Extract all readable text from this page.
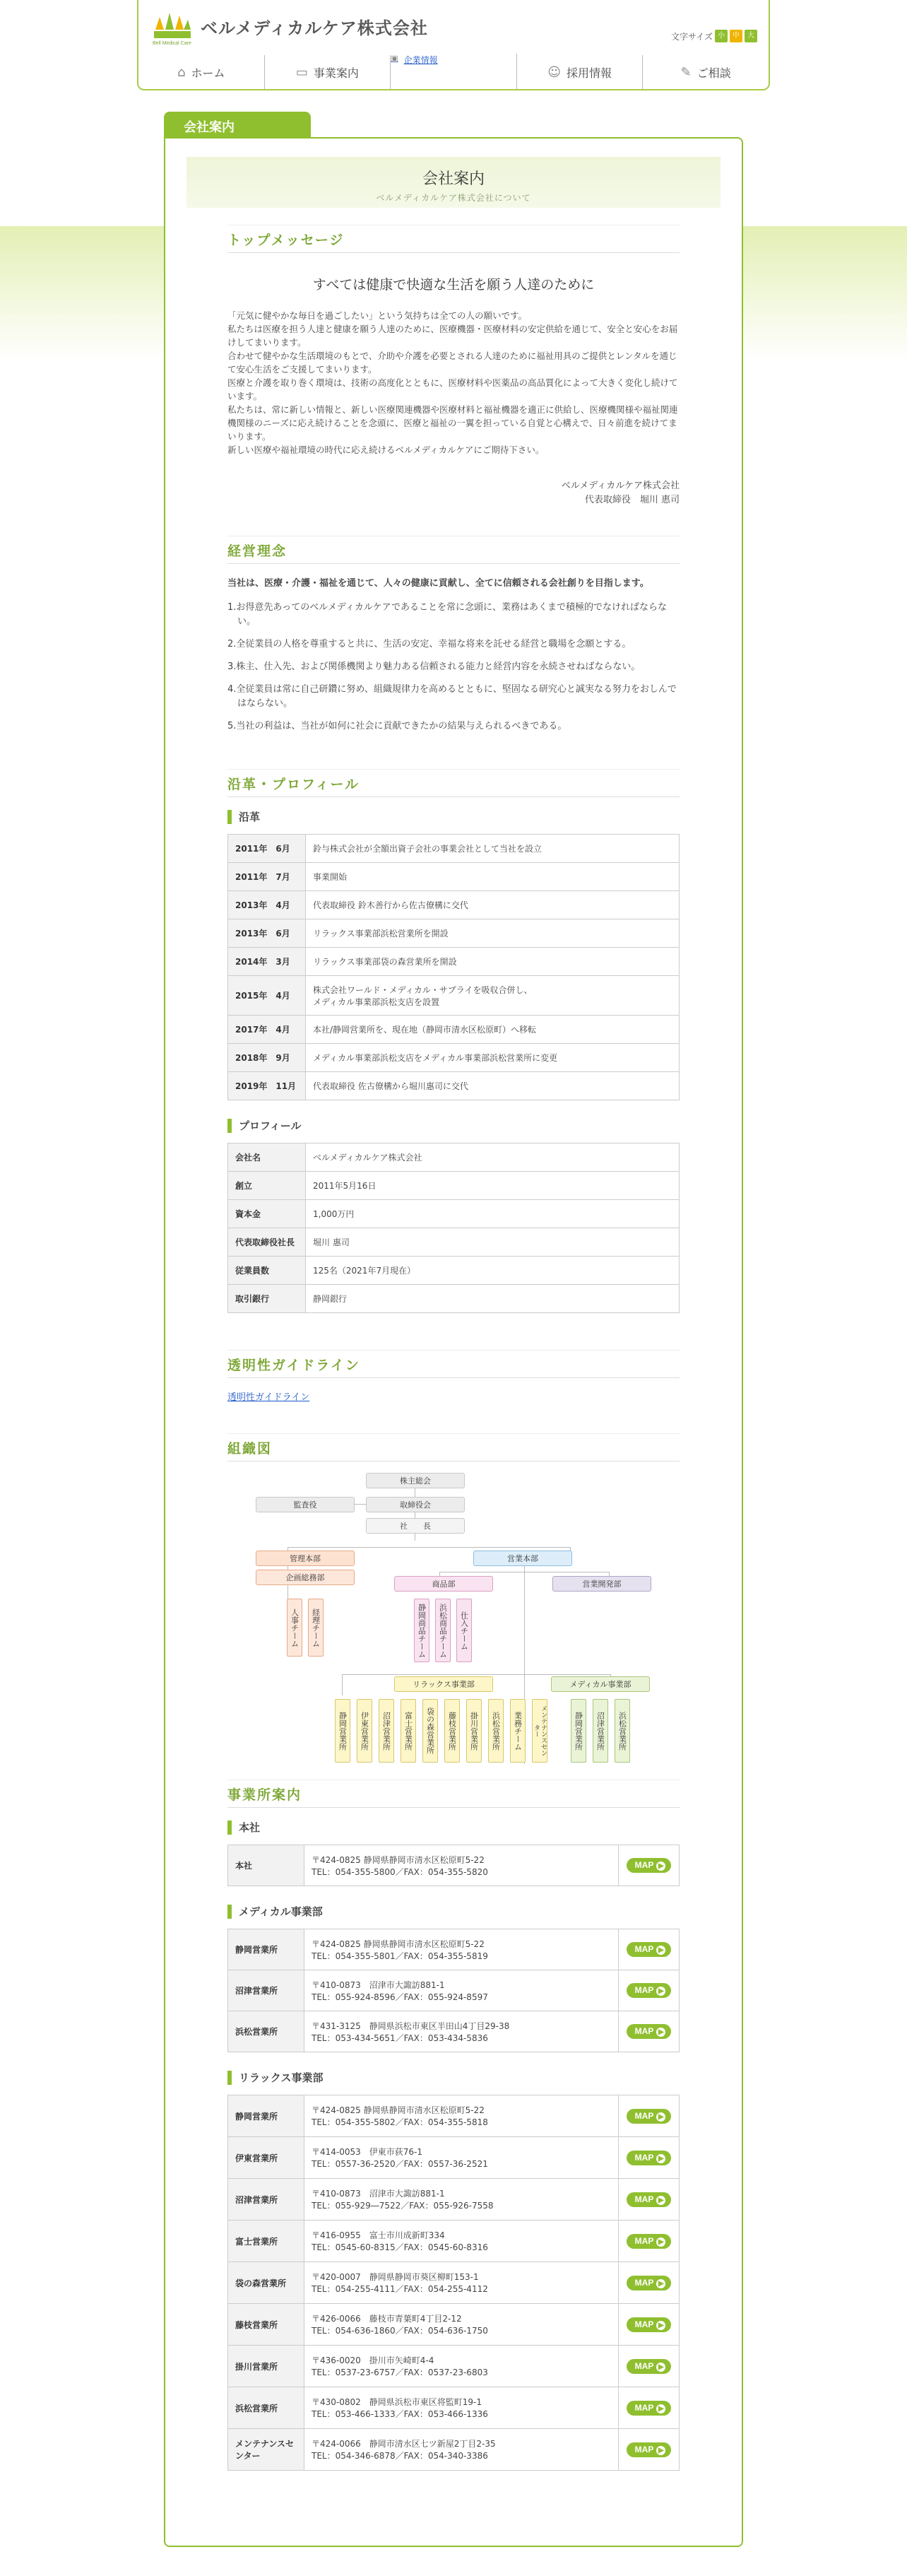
Bell Medical Care
ベルメディカルケア株式会社	文字サイズ 小	中	大
⌂ ホーム	▭ 事業案内
▣ 企業情報
☺ 採用情報	✎ ご相談
会社案内
会社案内
ベルメディカルケア株式会社について
トップメッセージ
すべては健康で快適な生活を願う人達のために
「元気に健やかな毎日を過ごしたい」という気持ちは全ての人の願いです。
私たちは医療を担う人達と健康を願う人達のために、医療機器・医療材料の安定供給を通じて、安全と安心をお届けしてまいります。
合わせて健やかな生活環境のもとで、介助や介護を必要とされる人達のために福祉用具のご提供とレンタルを通じて安心生活をご支援してまいります。
医療と介護を取り巻く環境は、技術の高度化とともに、医療材料や医薬品の高品質化によって大きく変化し続けています。
私たちは、常に新しい情報と、新しい医療関連機器や医療材料と福祉機器を適正に供給し、医療機関様や福祉関連機関様のニーズに応え続けることを念頭に、医療と福祉の一翼を担っている自覚と心構えで、日々前進を続けてまいります。
新しい医療や福祉環境の時代に応え続けるベルメディカルケアにご期待下さい。
ベルメディカルケア株式会社
代表取締役　堀川 惠司
経営理念
当社は、医療・介護・福祉を通じて、人々の健康に貢献し、全てに信頼される会社創りを目指します。
1.お得意先あってのベルメディカルケアであることを常に念頭に、業務はあくまで積極的でなければならない。
2.全従業員の人格を尊重すると共に、生活の安定、幸福な将来を託せる経営と職場を念願とする。
3.株主、仕入先、および関係機関より魅力ある信頼される能力と経営内容を永続させねばならない。
4.全従業員は常に自己研鑽に努め、組織規律力を高めるとともに、堅固なる研究心と誠実なる努力をおしんではならない。
5.当社の利益は、当社が如何に社会に貢献できたかの結果与えられるべきである。
沿革・プロフィール
沿革
2011年　6月	鈴与株式会社が全額出資子会社の事業会社として当社を設立
2011年　7月	事業開始
2013年　4月	代表取締役 鈴木善行から佐古僚構に交代
2013年　6月	リラックス事業部浜松営業所を開設
2014年　3月	リラックス事業部袋の森営業所を開設
2015年　4月	株式会社ワールド・メディカル・サプライを吸収合併し、
メディカル事業部浜松支店を設置

2017年　4月	本社/静岡営業所を、現在地（静岡市清水区松原町）へ移転
2018年　9月	メディカル事業部浜松支店をメディカル事業部浜松営業所に変更
2019年　11月	代表取締役 佐古僚構から堀川惠司に交代
プロフィール
会社名	ベルメディカルケア株式会社
創立	2011年5月16日
資本金	1,000万円
代表取締役社長	堀川 惠司
従業員数	125名（2021年7月現在）
取引銀行	静岡銀行
透明性ガイドライン
透明性ガイドライン
組織図
株主総会
監査役	取締役会
社　　長
管理本部
企画総務部
営業本部
商品部	営業開発部
人事チーム	経理チーム	静岡商品チーム	浜松商品チーム	仕入チーム
リラックス事業部	メディカル事業部
静岡営業所	伊東営業所	沼津営業所	富士営業所	袋の森営業所	藤枝営業所	掛川営業所	浜松営業所	業務チーム	メンテナンスセンター	静岡営業所	沼津営業所	浜松営業所
事業所案内
本社
本社	
〒424-0825 静岡県静岡市清水区松原町5-22
TEL：054-355-5800／FAX：054-355-5820
	MAP ▶
メディカル事業部
静岡営業所	〒424-0825 静岡県静岡市清水区松原町5-22
TEL：054-355-5801／FAX：054-355-5819	MAP ▶
沼津営業所	〒410-0873　沼津市大諏訪881-1
TEL：055-924-8596／FAX：055-924-8597	MAP ▶
浜松営業所	〒431-3125　静岡県浜松市東区半田山4丁目29-38
TEL：053-434-5651／FAX：053-434-5836	MAP ▶
リラックス事業部
静岡営業所	〒424-0825 静岡県静岡市清水区松原町5-22
TEL：054-355-5802／FAX：054-355-5818	MAP ▶
伊東営業所	〒414-0053　伊東市荻76-1
TEL：0557-36-2520／FAX：0557-36-2521	MAP ▶
沼津営業所	〒410-0873　沼津市大諏訪881-1
TEL：055-929―7522／FAX：055-926-7558	MAP ▶
富士営業所	〒416-0955　富士市川成新町334
TEL：0545-60-8315／FAX：0545-60-8316	MAP ▶
袋の森営業所	〒420-0007　静岡県静岡市葵区柳町153-1
TEL：054-255-4111／FAX：054-255-4112	MAP ▶
藤枝営業所	〒426-0066　藤枝市青葉町4丁目2-12
TEL：054-636-1860／FAX：054-636-1750	MAP ▶
掛川営業所	〒436-0020　掛川市矢崎町4-4
TEL：0537-23-6757／FAX：0537-23-6803	MAP ▶
浜松営業所	〒430-0802　静岡県浜松市東区将監町19-1
TEL：053-466-1333／FAX：053-466-1336	MAP ▶
メンテナンスセンター	〒424-0066　静岡市清水区七ツ新屋2丁目2-35
TEL：054-346-6878／FAX：054-340-3386	MAP ▶
